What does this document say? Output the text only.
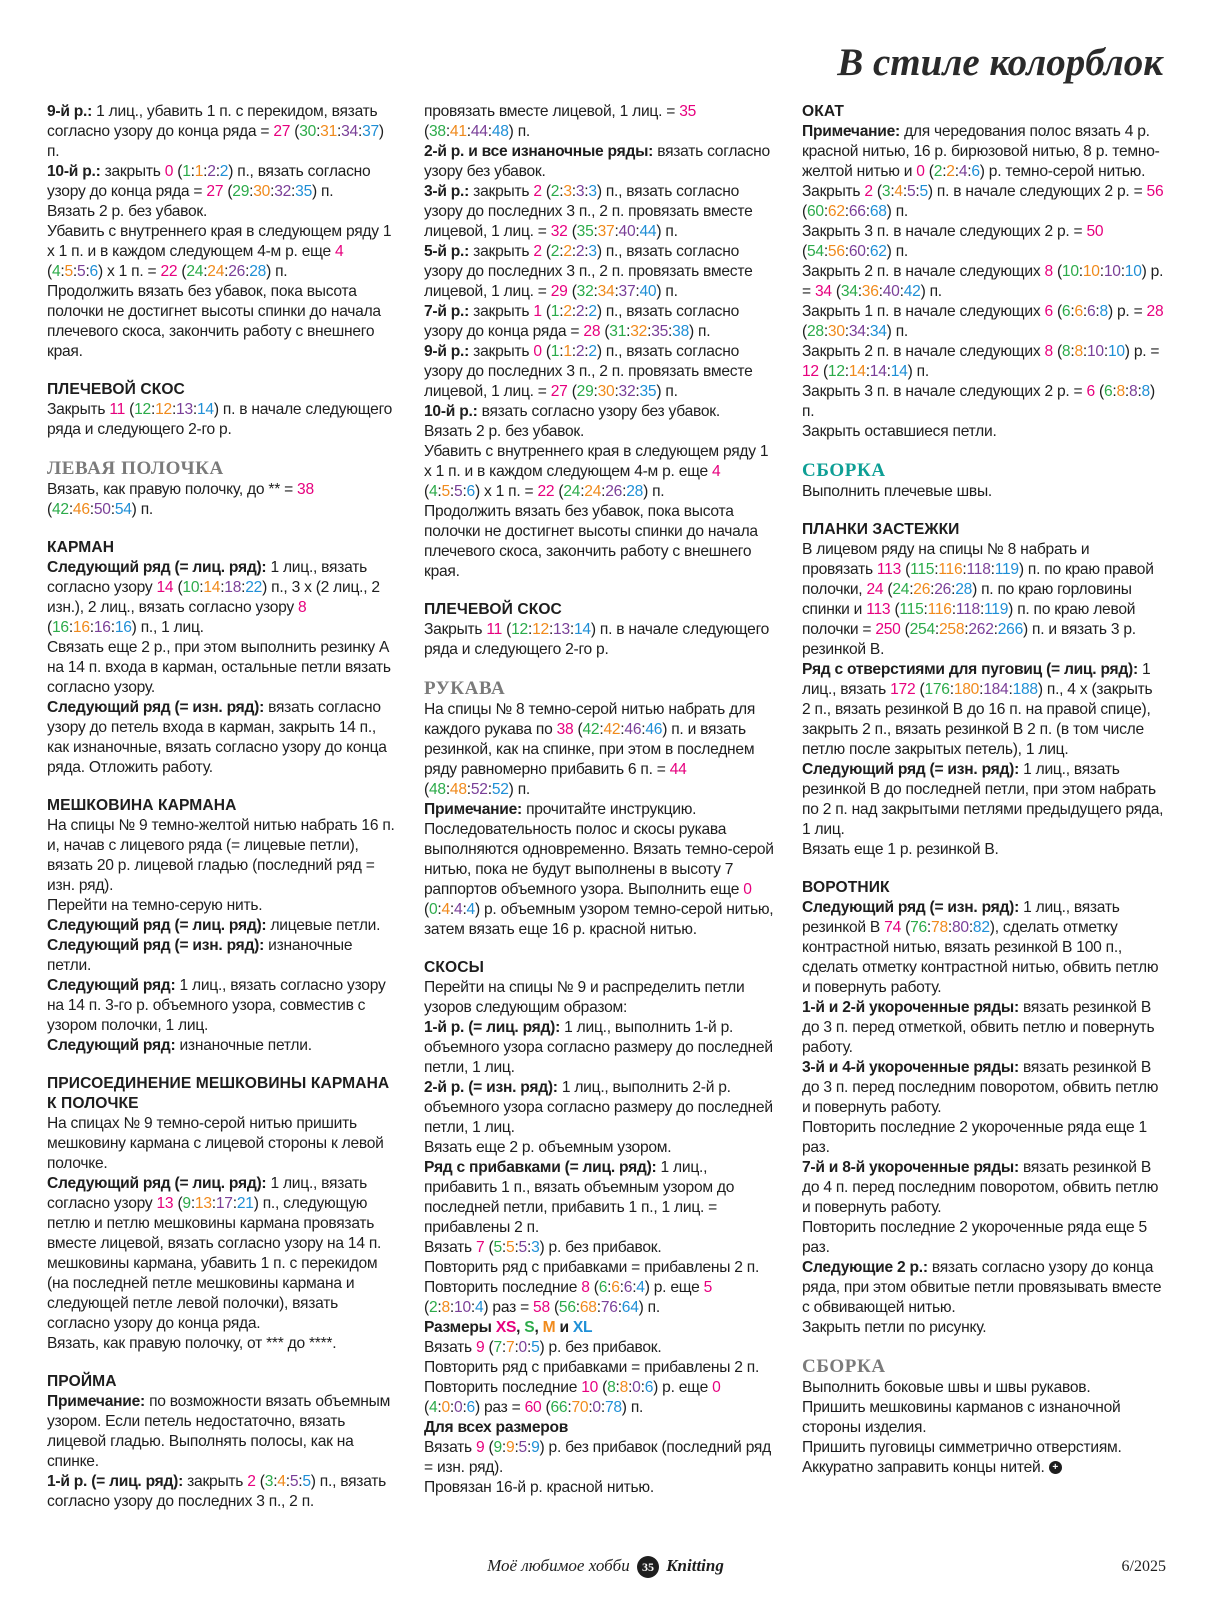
В стиле колорблок

9-й р.: 1 лиц., убавить 1 п. с перекидом, вязать согласно узору до конца ряда = 27 (30:31:34:37) п.

10-й р.: закрыть 0 (1:1:2:2) п., вязать согласно узору до конца ряда = 27 (29:30:32:35) п.

Вязать 2 р. без убавок.

Убавить с внутреннего края в следующем ряду 1 х 1 п. и в каждом следующем 4-м р. еще 4 (4:5:5:6) х 1 п. = 22 (24:24:26:28) п.

Продолжить вязать без убавок, пока высота полочки не достигнет высоты спинки до начала плечевого скоса, закончить работу с внешнего края.

ПЛЕЧЕВОЙ СКОС

Закрыть 11 (12:12:13:14) п. в начале следующего ряда и следующего 2-го р.

ЛЕВАЯ ПОЛОЧКА

Вязать, как правую полочку, до ** = 38 (42:46:50:54) п.

КАРМАН

Следующий ряд (= лиц. ряд): 1 лиц., вязать согласно узору 14 (10:14:18:22) п., 3 х (2 лиц., 2 изн.), 2 лиц., вязать согласно узору 8 (16:16:16:16) п., 1 лиц.

Связать еще 2 р., при этом выполнить резинку А на 14 п. входа в карман, остальные петли вязать согласно узору.

Следующий ряд (= изн. ряд): вязать согласно узору до петель входа в карман, закрыть 14 п., как изнаночные, вязать согласно узору до конца ряда. Отложить работу.

МЕШКОВИНА КАРМАНА

На спицы № 9 темно-желтой нитью набрать 16 п. и, начав с лицевого ряда (= лицевые петли), вязать 20 р. лицевой гладью (последний ряд = изн. ряд).

Перейти на темно-серую нить.

Следующий ряд (= лиц. ряд): лицевые петли.

Следующий ряд (= изн. ряд): изнаночные петли.

Следующий ряд: 1 лиц., вязать согласно узору на 14 п. 3-го р. объемного узора, совместив с узором полочки, 1 лиц.

Следующий ряд: изнаночные петли.

ПРИСОЕДИНЕНИЕ МЕШКОВИНЫ КАРМАНА К ПОЛОЧКЕ

На спицах № 9 темно-серой нитью пришить мешковину кармана с лицевой стороны к левой полочке.

Следующий ряд (= лиц. ряд): 1 лиц., вязать согласно узору 13 (9:13:17:21) п., следующую петлю и петлю мешковины кармана провязать вместе лицевой, вязать согласно узору на 14 п. мешковины кармана, убавить 1 п. с перекидом (на последней петле мешковины кармана и следующей петле левой полочки), вязать согласно узору до конца ряда.

Вязать, как правую полочку, от *** до ****.

ПРОЙМА

Примечание: по возможности вязать объемным узором. Если петель недостаточно, вязать лицевой гладью. Выполнять полосы, как на спинке.

1-й р. (= лиц. ряд): закрыть 2 (3:4:5:5) п., вязать согласно узору до последних 3 п., 2 п.

провязать вместе лицевой, 1 лиц. = 35 (38:41:44:48) п.

2-й р. и все изнаночные ряды: вязать согласно узору без убавок.

3-й р.: закрыть 2 (2:3:3:3) п., вязать согласно узору до последних 3 п., 2 п. провязать вместе лицевой, 1 лиц. = 32 (35:37:40:44) п.

5-й р.: закрыть 2 (2:2:2:3) п., вязать согласно узору до последних 3 п., 2 п. провязать вместе лицевой, 1 лиц. = 29 (32:34:37:40) п.

7-й р.: закрыть 1 (1:2:2:2) п., вязать согласно узору до конца ряда = 28 (31:32:35:38) п.

9-й р.: закрыть 0 (1:1:2:2) п., вязать согласно узору до последних 3 п., 2 п. провязать вместе лицевой, 1 лиц. = 27 (29:30:32:35) п.

10-й р.: вязать согласно узору без убавок.

Вязать 2 р. без убавок.

Убавить с внутреннего края в следующем ряду 1 х 1 п. и в каждом следующем 4-м р. еще 4 (4:5:5:6) х 1 п. = 22 (24:24:26:28) п.

Продолжить вязать без убавок, пока высота полочки не достигнет высоты спинки до начала плечевого скоса, закончить работу с внешнего края.

ПЛЕЧЕВОЙ СКОС

Закрыть 11 (12:12:13:14) п. в начале следующего ряда и следующего 2-го р.

РУКАВА

На спицы № 8 темно-серой нитью набрать для каждого рукава по 38 (42:42:46:46) п. и вязать резинкой, как на спинке, при этом в последнем ряду равномерно прибавить 6 п. = 44 (48:48:52:52) п.

Примечание: прочитайте инструкцию. Последовательность полос и скосы рукава выполняются одновременно. Вязать темно-серой нитью, пока не будут выполнены в высоту 7 раппортов объемного узора. Выполнить еще 0 (0:4:4:4) р. объемным узором темно-серой нитью, затем вязать еще 16 р. красной нитью.

СКОСЫ

Перейти на спицы № 9 и распределить петли узоров следующим образом:

1-й р. (= лиц. ряд): 1 лиц., выполнить 1-й р. объемного узора согласно размеру до последней петли, 1 лиц.

2-й р. (= изн. ряд): 1 лиц., выполнить 2-й р. объемного узора согласно размеру до последней петли, 1 лиц.

Вязать еще 2 р. объемным узором.

Ряд с прибавками (= лиц. ряд): 1 лиц., прибавить 1 п., вязать объемным узором до последней петли, прибавить 1 п., 1 лиц. = прибавлены 2 п.

Вязать 7 (5:5:5:3) р. без прибавок.

Повторить ряд с прибавками = прибавлены 2 п.

Повторить последние 8 (6:6:6:4) р. еще 5 (2:8:10:4) раз = 58 (56:68:76:64) п.

Размеры XS, S, M и XL

Вязать 9 (7:7:0:5) р. без прибавок.

Повторить ряд с прибавками = прибавлены 2 п.

Повторить последние 10 (8:8:0:6) р. еще 0 (4:0:0:6) раз = 60 (66:70:0:78) п.

Для всех размеров

Вязать 9 (9:9:5:9) р. без прибавок (последний ряд = изн. ряд).

Провязан 16-й р. красной нитью.

ОКАТ

Примечание: для чередования полос вязать 4 р. красной нитью, 16 р. бирюзовой нитью, 8 р. темно-желтой нитью и 0 (2:2:4:6) р. темно-серой нитью.

Закрыть 2 (3:4:5:5) п. в начале следующих 2 р. = 56 (60:62:66:68) п.

Закрыть 3 п. в начале следующих 2 р. = 50 (54:56:60:62) п.

Закрыть 2 п. в начале следующих 8 (10:10:10:10) р. = 34 (34:36:40:42) п.

Закрыть 1 п. в начале следующих 6 (6:6:6:8) р. = 28 (28:30:34:34) п.

Закрыть 2 п. в начале следующих 8 (8:8:10:10) р. = 12 (12:14:14:14) п.

Закрыть 3 п. в начале следующих 2 р. = 6 (6:8:8:8) п.

Закрыть оставшиеся петли.

СБОРКА

Выполнить плечевые швы.

ПЛАНКИ ЗАСТЕЖКИ

В лицевом ряду на спицы № 8 набрать и провязать 113 (115:116:118:119) п. по краю правой полочки, 24 (24:26:26:28) п. по краю горловины спинки и 113 (115:116:118:119) п. по краю левой полочки = 250 (254:258:262:266) п. и вязать 3 р. резинкой В.

Ряд с отверстиями для пуговиц (= лиц. ряд): 1 лиц., вязать 172 (176:180:184:188) п., 4 х (закрыть 2 п., вязать резинкой В до 16 п. на правой спице), закрыть 2 п., вязать резинкой В 2 п. (в том числе петлю после закрытых петель), 1 лиц.

Следующий ряд (= изн. ряд): 1 лиц., вязать резинкой В до последней петли, при этом набрать по 2 п. над закрытыми петлями предыдущего ряда, 1 лиц.

Вязать еще 1 р. резинкой В.

ВОРОТНИК

Следующий ряд (= изн. ряд): 1 лиц., вязать резинкой В 74 (76:78:80:82), сделать отметку контрастной нитью, вязать резинкой В 100 п., сделать отметку контрастной нитью, обвить петлю и повернуть работу.

1-й и 2-й укороченные ряды: вязать резинкой В до 3 п. перед отметкой, обвить петлю и повернуть работу.

3-й и 4-й укороченные ряды: вязать резинкой В до 3 п. перед последним поворотом, обвить петлю и повернуть работу.

Повторить последние 2 укороченные ряда еще 1 раз.

7-й и 8-й укороченные ряды: вязать резинкой В до 4 п. перед последним поворотом, обвить петлю и повернуть работу.

Повторить последние 2 укороченные ряда еще 5 раз.

Следующие 2 р.: вязать согласно узору до конца ряда, при этом обвитые петли провязывать вместе с обвивающей нитью.

Закрыть петли по рисунку.

СБОРКА

Выполнить боковые швы и швы рукавов.

Пришить мешковины карманов с изнаночной стороны изделия.

Пришить пуговицы симметрично отверстиям. Аккуратно заправить концы нитей. +

Моё любимое хобби 35 Knitting	6/2025
